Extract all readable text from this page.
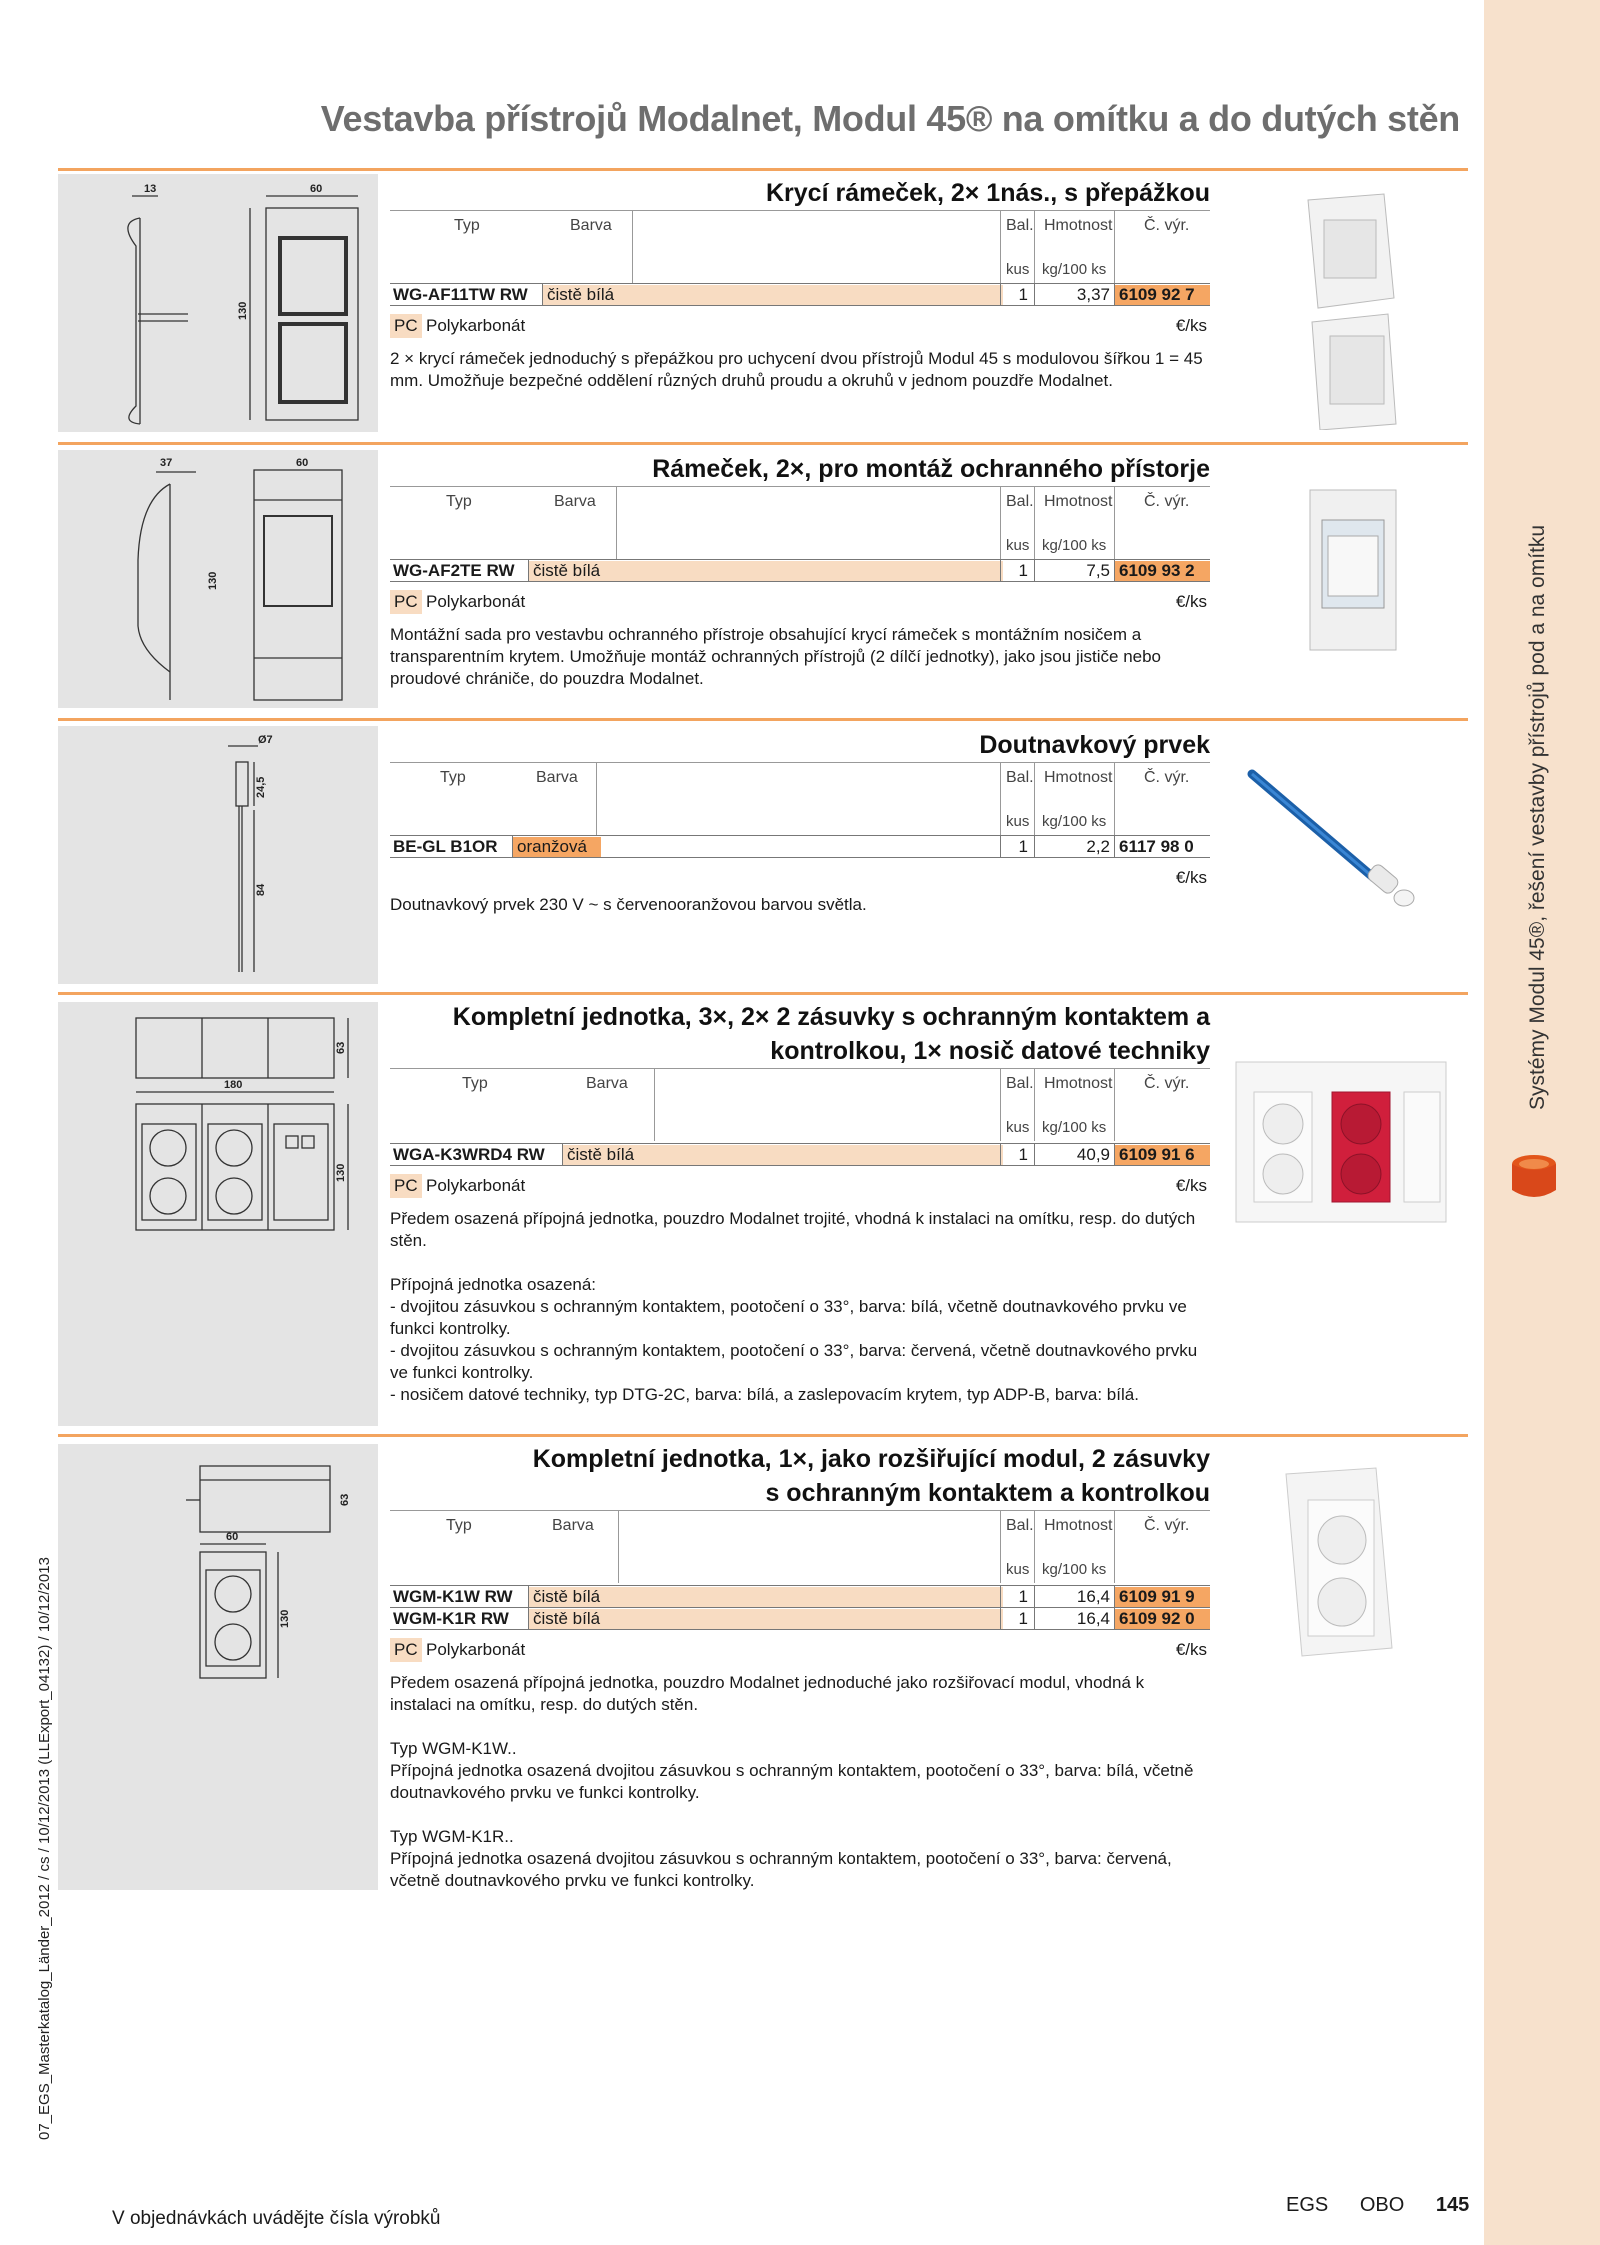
Systémy Modul 45®, řešení vestavby přístrojů pod a na omítku
Vestavba přístrojů Modalnet, Modul 45® na omítku a do dutých stěn
13	60
130
Krycí rámeček, 2× 1nás., s přepážkou
Typ	Barva	Bal. Hmotnost Č. výr.
kus kg/100 ks
WG-AF11TW RW čistě bílá	1	3,37 6109 92 7
PC Polykarbonát	€/ks

2 × krycí rámeček jednoduchý s přepážkou pro uchycení dvou přístrojů Modul 45 s modulovou šířkou 1 = 45 mm. Umožňuje bezpečné oddělení různých druhů proudu a okruhů v jednom pouzdře Modalnet.

37	60
130
Rámeček, 2×, pro montáž ochranného přístorje
Typ	Barva	Bal. Hmotnost Č. výr.
kus kg/100 ks
WG-AF2TE RW čistě bílá	1	7,5 6109 93 2
PC Polykarbonát	€/ks

Montážní sada pro vestavbu ochranného přístroje obsahující krycí rámeček s montážním nosičem a transparentním krytem. Umožňuje montáž ochranných přístrojů (2 dílčí jednotky), jako jsou jističe nebo proudové chrániče, do pouzdra Modalnet.

Ø7
24,5
84
Doutnavkový prvek
Typ	Barva	Bal. Hmotnost Č. výr.
kus kg/100 ks
BE-GL B1OR oranžová	1	2,2 6117 98 0
€/ks

Doutnavkový prvek 230 V ~ s červenooranžovou barvou světla.

180
63
130
Kompletní jednotka, 3×, 2× 2 zásuvky s ochranným kontaktem a
kontrolkou, 1× nosič datové techniky
Typ	Barva	Bal. Hmotnost Č. výr.
kus kg/100 ks
WGA-K3WRD4 RW čistě bílá	1	40,9 6109 91 6
PC Polykarbonát	€/ks

Předem osazená přípojná jednotka, pouzdro Modalnet trojité, vhodná k instalaci na omítku, resp. do dutých stěn.

Přípojná jednotka osazená:
- dvojitou zásuvkou s ochranným kontaktem, pootočení o 33°, barva: bílá, včetně doutnavkového prvku ve funkci kontrolky.
- dvojitou zásuvkou s ochranným kontaktem, pootočení o 33°, barva: červená, včetně doutnavkového prvku ve funkci kontrolky.
- nosičem datové techniky, typ DTG-2C, barva: bílá, a zaslepovacím krytem, typ ADP-B, barva: bílá.

60
63
130
Kompletní jednotka, 1×, jako rozšiřující modul, 2 zásuvky
s ochranným kontaktem a kontrolkou
Typ	Barva	Bal. Hmotnost Č. výr.
kus kg/100 ks
WGM-K1W RW čistě bílá	1	16,4 6109 91 9
WGM-K1R RW čistě bílá	1	16,4 6109 92 0
PC Polykarbonát	€/ks

Předem osazená přípojná jednotka, pouzdro Modalnet jednoduché jako rozšiřovací modul, vhodná k instalaci na omítku, resp. do dutých stěn.

Typ WGM-K1W..
Přípojná jednotka osazená dvojitou zásuvkou s ochranným kontaktem, pootočení o 33°, barva: bílá, včetně doutnavkového prvku ve funkci kontrolky.

Typ WGM-K1R..
Přípojná jednotka osazená dvojitou zásuvkou s ochranným kontaktem, pootočení o 33°, barva: červená, včetně doutnavkového prvku ve funkci kontrolky.

07_EGS_Masterkatalog_Länder_2012 / cs / 10/12/2013 (LLExport_04132) / 10/12/2013
V objednávkách uvádějte čísla výrobků
EGS OBO 145
